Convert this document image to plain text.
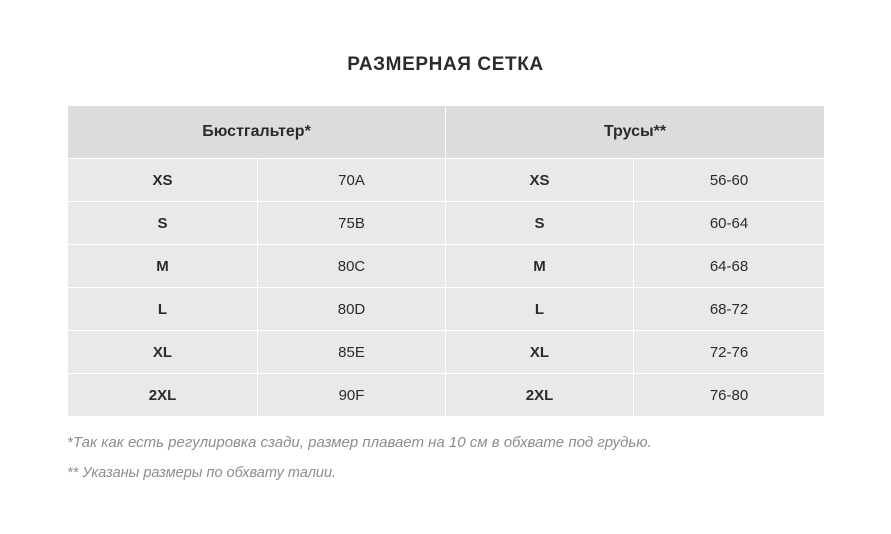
РАЗМЕРНАЯ СЕТКА
Бюстгальтер*		Трусы**	
XS	70A	XS	56-60
S	75B	S	60-64
M	80C	M	64-68
L	80D	L	68-72
XL	85E	XL	72-76
2XL	90F	2XL	76-80
*Так как есть регулировка сзади, размер плавает на 10 см в обхвате под грудью.
** Указаны размеры по обхвату талии.
